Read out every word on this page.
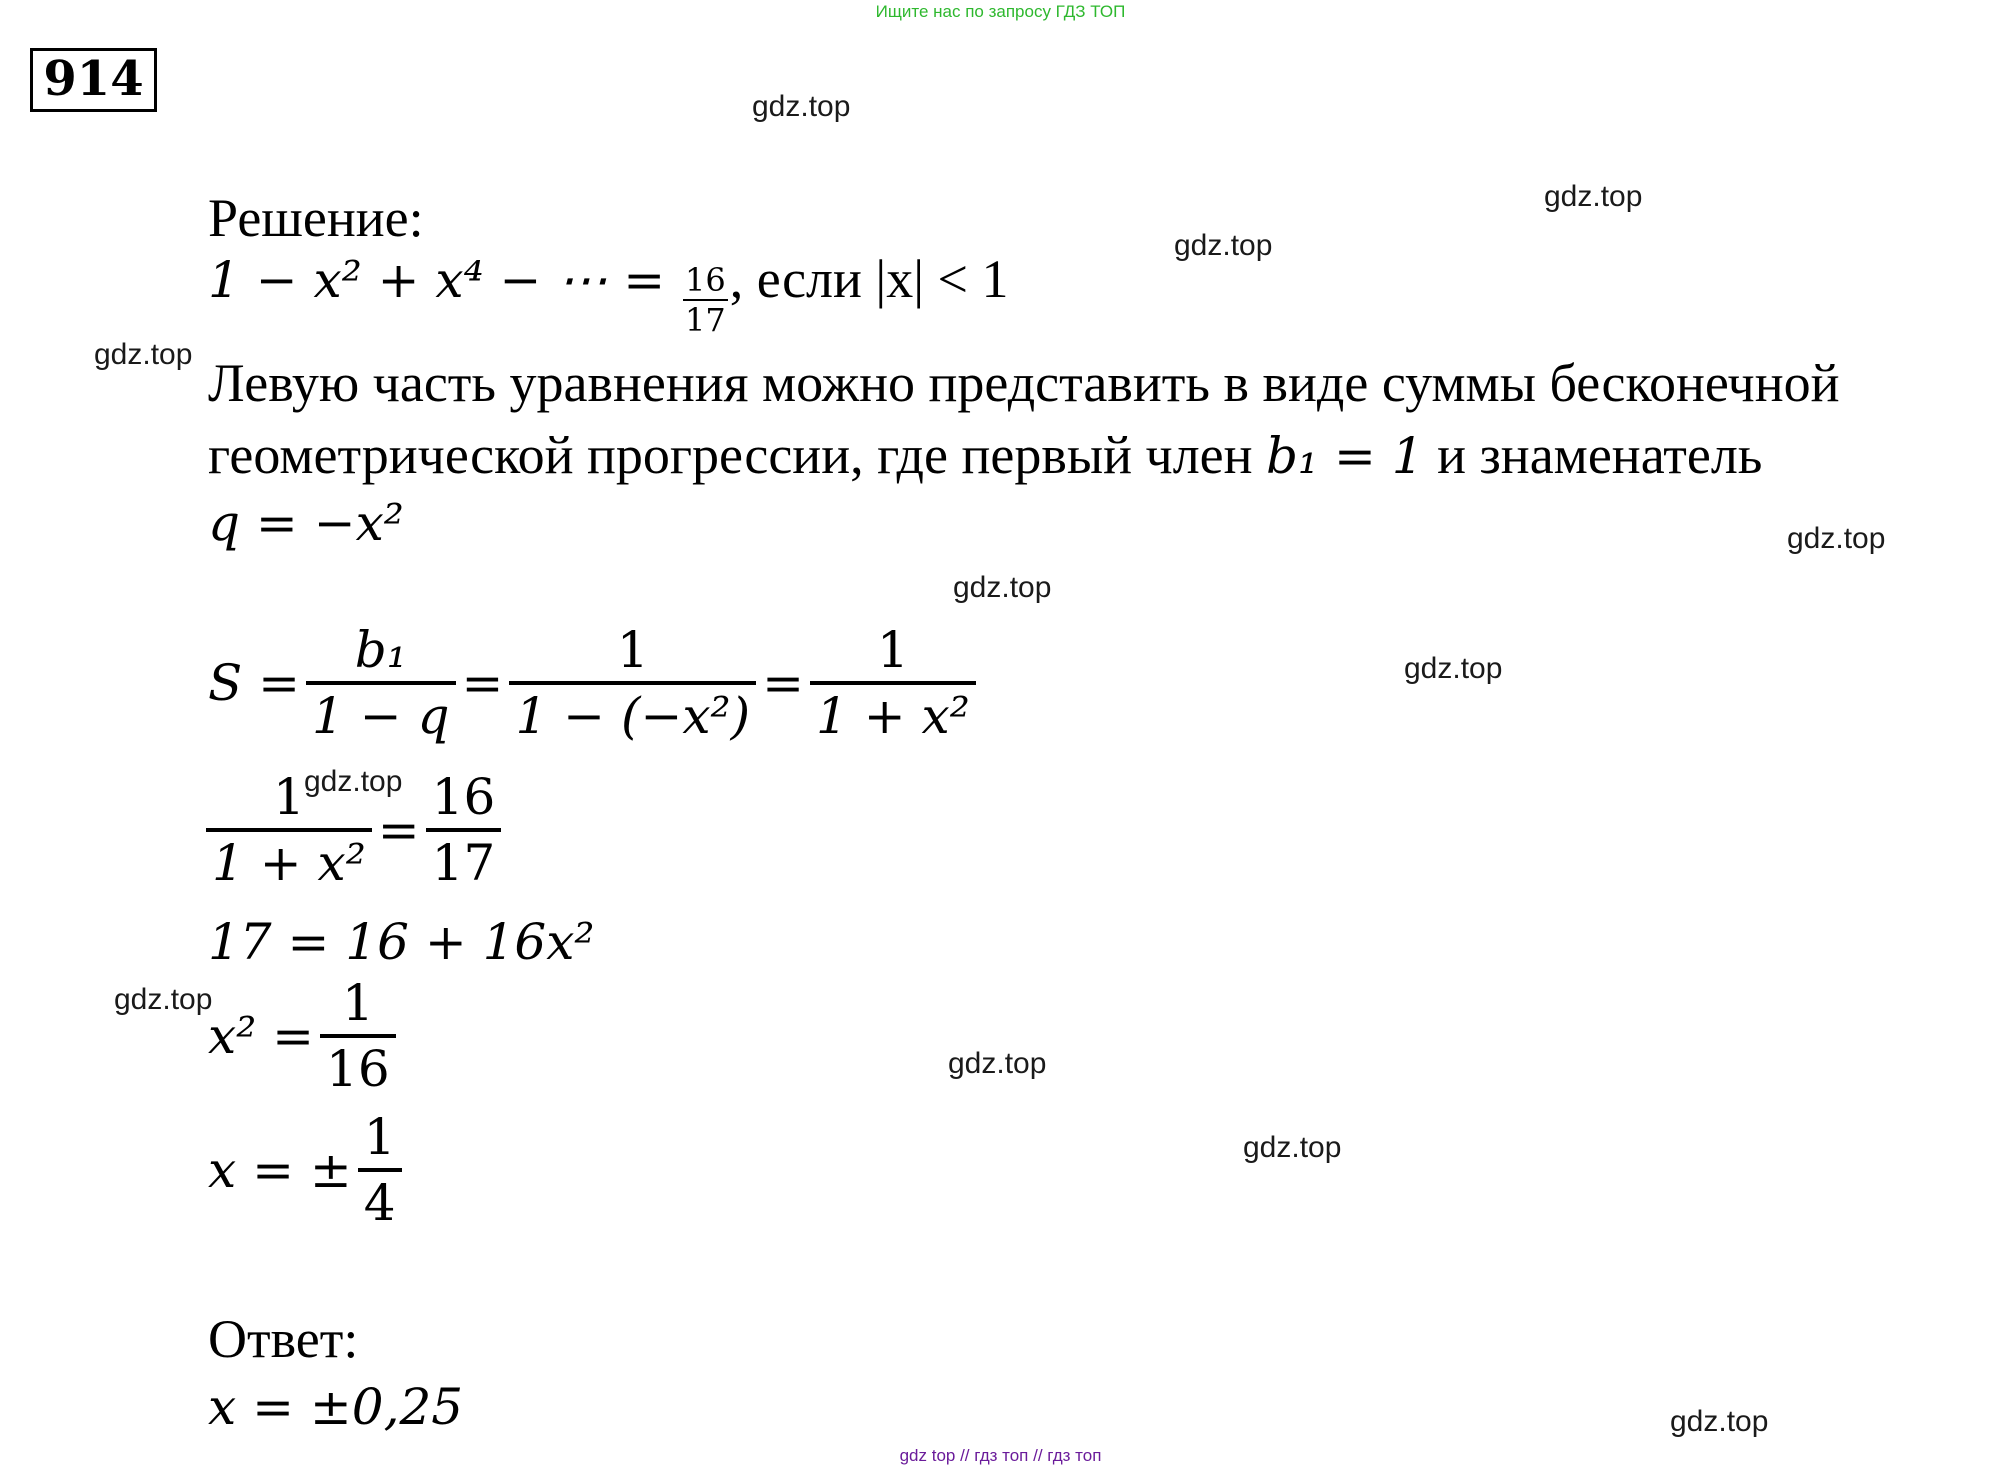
Ищите нас по запросу ГДЗ ТОП
914	gdz.top
gdz.top
gdz.top
gdz.top
gdz.top
gdz.top
gdz.top
gdz.top
gdz.top
gdz.top
gdz.top
gdz.top
Решение:
1 − x² + x⁴ − ⋯ = $\frac{16}{17}$ , если |x| < 1
Левую часть уравнения можно представить в виде суммы бесконечной
геометрической прогрессии, где первый член b₁ = 1 и знаменатель
q = −x²
$S = \frac{\text{b₁}}{1 - q} = \frac{1}{\text{1 − (−x²)}} = \frac{1}{\text{1 + x²}}$
$\frac{1}{\text{1 + x²}} = \frac{16}{17}$
17 = 16 + 16x²
$x^2 = \frac{1}{16}$
x = ± $\frac{1}{4}$
Ответ:
x = ±0,25
gdz top // гдз топ // гдз топ
